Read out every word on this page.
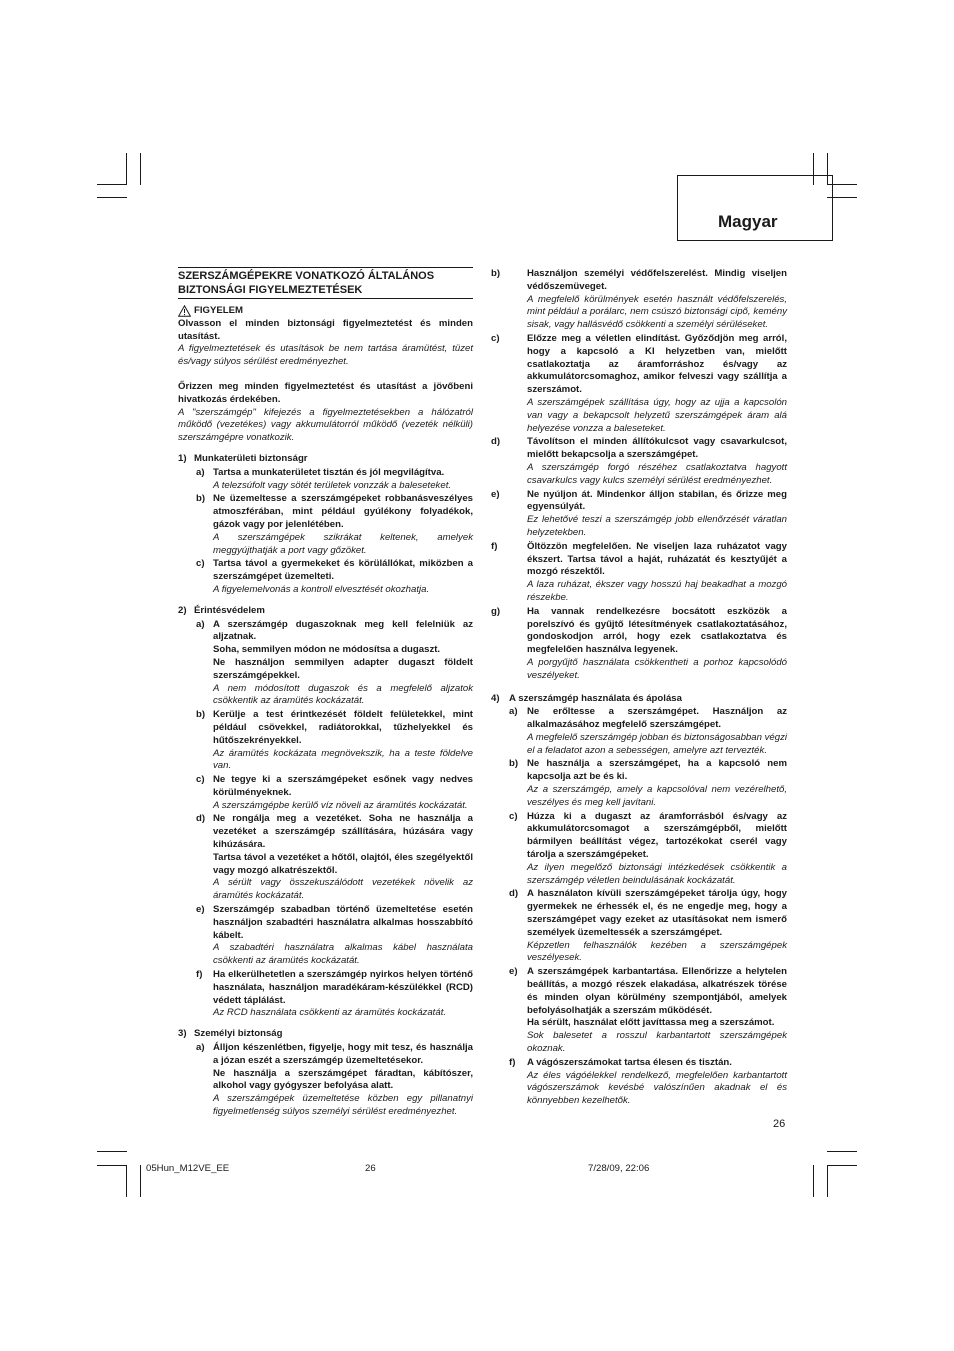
Magyar
SZERSZÁMGÉPEKRE VONATKOZÓ ÁLTALÁNOS
BIZTONSÁGI FIGYELMEZTETÉSEK
FIGYELEM

Olvasson el minden biztonsági figyelmeztetést és minden utasítást.

A figyelmeztetések és utasítások be nem tartása áramütést, tüzet és/vagy súlyos sérülést eredményezhet.

Őrizzen meg minden figyelmeztetést és utasítást a jövőbeni hivatkozás érdekében.

A "szerszámgép" kifejezés a figyelmeztetésekben a hálózatról működő (vezetékes) vagy akkumulátorról működő (vezeték nélküli) szerszámgépre vonatkozik.

1) Munkaterületi biztonságr
a) Tartsa a munkaterületet tisztán és jól megvilágítva.

A telezsúfolt vagy sötét területek vonzzák a baleseteket.

b) Ne üzemeltesse a szerszámgépeket robbanásveszélyes atmoszférában, mint például gyúlékony folyadékok, gázok vagy por jelenlétében.

A szerszámgépek szikrákat keltenek, amelyek meggyújthatják a port vagy gőzöket.

c) Tartsa távol a gyermekeket és körülállókat, miközben a szerszámgépet üzemelteti.

A figyelemelvonás a kontroll elvesztését okozhatja.

2) Érintésvédelem
a) A szerszámgép dugaszoknak meg kell felelniük az aljzatnak.

Soha, semmilyen módon ne módosítsa a dugaszt.

Ne használjon semmilyen adapter dugaszt földelt szerszámgépekkel.

A nem módosított dugaszok és a megfelelő aljzatok csökkentik az áramütés kockázatát.

b) Kerülje a test érintkezését földelt felületekkel, mint például csövekkel, radiátorokkal, tűzhelyekkel és hűtőszekrényekkel.

Az áramütés kockázata megnövekszik, ha a teste földelve van.

c) Ne tegye ki a szerszámgépeket esőnek vagy nedves körülményeknek.

A szerszámgépbe kerülő víz növeli az áramütés kockázatát.

d) Ne rongálja meg a vezetéket. Soha ne használja a vezetéket a szerszámgép szállítására, húzására vagy kihúzására.

Tartsa távol a vezetéket a hőtől, olajtól, éles szegélyektől vagy mozgó alkatrészektől.

A sérült vagy összekuszálódott vezetékek növelik az áramütés kockázatát.

e) Szerszámgép szabadban történő üzemeltetése esetén használjon szabadtéri használatra alkalmas hosszabbító kábelt.

A szabadtéri használatra alkalmas kábel használata csökkenti az áramütés kockázatát.

f)	Ha elkerülhetetlen a szerszámgép nyirkos helyen történő használata, használjon maradékáram-készülékkel (RCD) védett táplálást.

Az RCD használata csökkenti az áramütés kockázatát.

3) Személyi biztonság
a) Álljon készenlétben, figyelje, hogy mit tesz, és használja a józan eszét a szerszámgép üzemeltetésekor.

Ne használja a szerszámgépet fáradtan, kábítószer, alkohol vagy gyógyszer befolyása alatt.

A szerszámgépek üzemeltetése közben egy pillanatnyi figyelmetlenség súlyos személyi sérülést eredményezhet.

b)	Használjon személyi védőfelszerelést. Mindig viseljen védőszemüveget.

A megfelelő körülmények esetén használt védőfelszerelés, mint például a porálarc, nem csúszó biztonsági cipő, kemény sisak, vagy hallásvédő csökkenti a személyi sérüléseket.

c)	Előzze meg a véletlen elindítást. Győződjön meg arról, hogy a kapcsoló a KI helyzetben van, mielőtt csatlakoztatja az áramforráshoz és/vagy az akkumulátorcsomaghoz, amikor felveszi vagy szállítja a szerszámot.

A szerszámgépek szállítása úgy, hogy az ujja a kapcsolón van vagy a bekapcsolt helyzetű szerszámgépek áram alá helyezése vonzza a baleseteket.

d)	Távolítson el minden állítókulcsot vagy csavarkulcsot, mielőtt bekapcsolja a szerszámgépet.

A szerszámgép forgó részéhez csatlakoztatva hagyott csavarkulcs vagy kulcs személyi sérülést eredményezhet.

e)	Ne nyúljon át. Mindenkor álljon stabilan, és őrizze meg egyensúlyát.

Ez lehetővé teszi a szerszámgép jobb ellenőrzését váratlan helyzetekben.

f)	Öltözzön megfelelően. Ne viseljen laza ruházatot vagy ékszert. Tartsa távol a haját, ruházatát és kesztyűjét a mozgó részektől.

A laza ruházat, ékszer vagy hosszú haj beakadhat a mozgó részekbe.

g)	Ha vannak rendelkezésre bocsátott eszközök a porelszívó és gyűjtő létesítmények csatlakoztatásához, gondoskodjon arról, hogy ezek csatlakoztatva és megfelelően használva legyenek.

A porgyűjtő használata csökkentheti a porhoz kapcsolódó veszélyeket.

4) A szerszámgép használata és ápolása
a) Ne erőltesse a szerszámgépet. Használjon az alkalmazásához megfelelő szerszámgépet.

A megfelelő szerszámgép jobban és biztonságosabban végzi el a feladatot azon a sebességen, amelyre azt tervezték.

b) Ne használja a szerszámgépet, ha a kapcsoló nem kapcsolja azt be és ki.

Az a szerszámgép, amely a kapcsolóval nem vezérelhető, veszélyes és meg kell javítani.

c) Húzza ki a dugaszt az áramforrásból és/vagy az akkumulátorcsomagot a szerszámgépből, mielőtt bármilyen beállítást végez, tartozékokat cserél vagy tárolja a szerszámgépeket.

Az ilyen megelőző biztonsági intézkedések csökkentik a szerszámgép véletlen beindulásának kockázatát.

d) A használaton kívüli szerszámgépeket tárolja úgy, hogy gyermekek ne érhessék el, és ne engedje meg, hogy a szerszámgépet vagy ezeket az utasításokat nem ismerő személyek üzemeltessék a szerszámgépet.

Képzetlen felhasználók kezében a szerszámgépek veszélyesek.

e) A szerszámgépek karbantartása. Ellenőrizze a helytelen beállítás, a mozgó részek elakadása, alkatrészek törése és minden olyan körülmény szempontjából, amelyek befolyásolhatják a szerszám működését.

Ha sérült, használat előtt javíttassa meg a szerszámot.

Sok balesetet a rosszul karbantartott szerszámgépek okoznak.

f)	A vágószerszámokat tartsa élesen és tisztán.

Az éles vágóélekkel rendelkező, megfelelően karbantartott vágószerszámok kevésbé valószínűen akadnak el és könnyebben kezelhetők.

26
05Hun_M12VE_EE	26	7/28/09, 22:06
